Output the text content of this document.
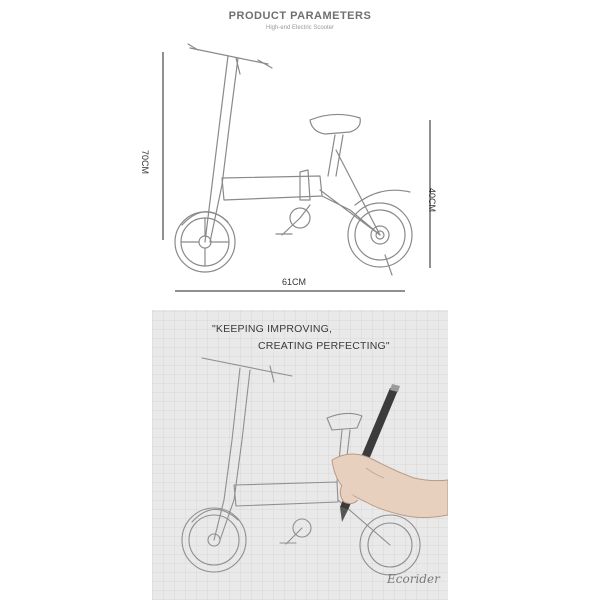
PRODUCT PARAMETERS
High-end Electric Scooter
70CM
40CM
61CM
"KEEPING IMPROVING,
CREATING PERFECTING"
Ecorider
